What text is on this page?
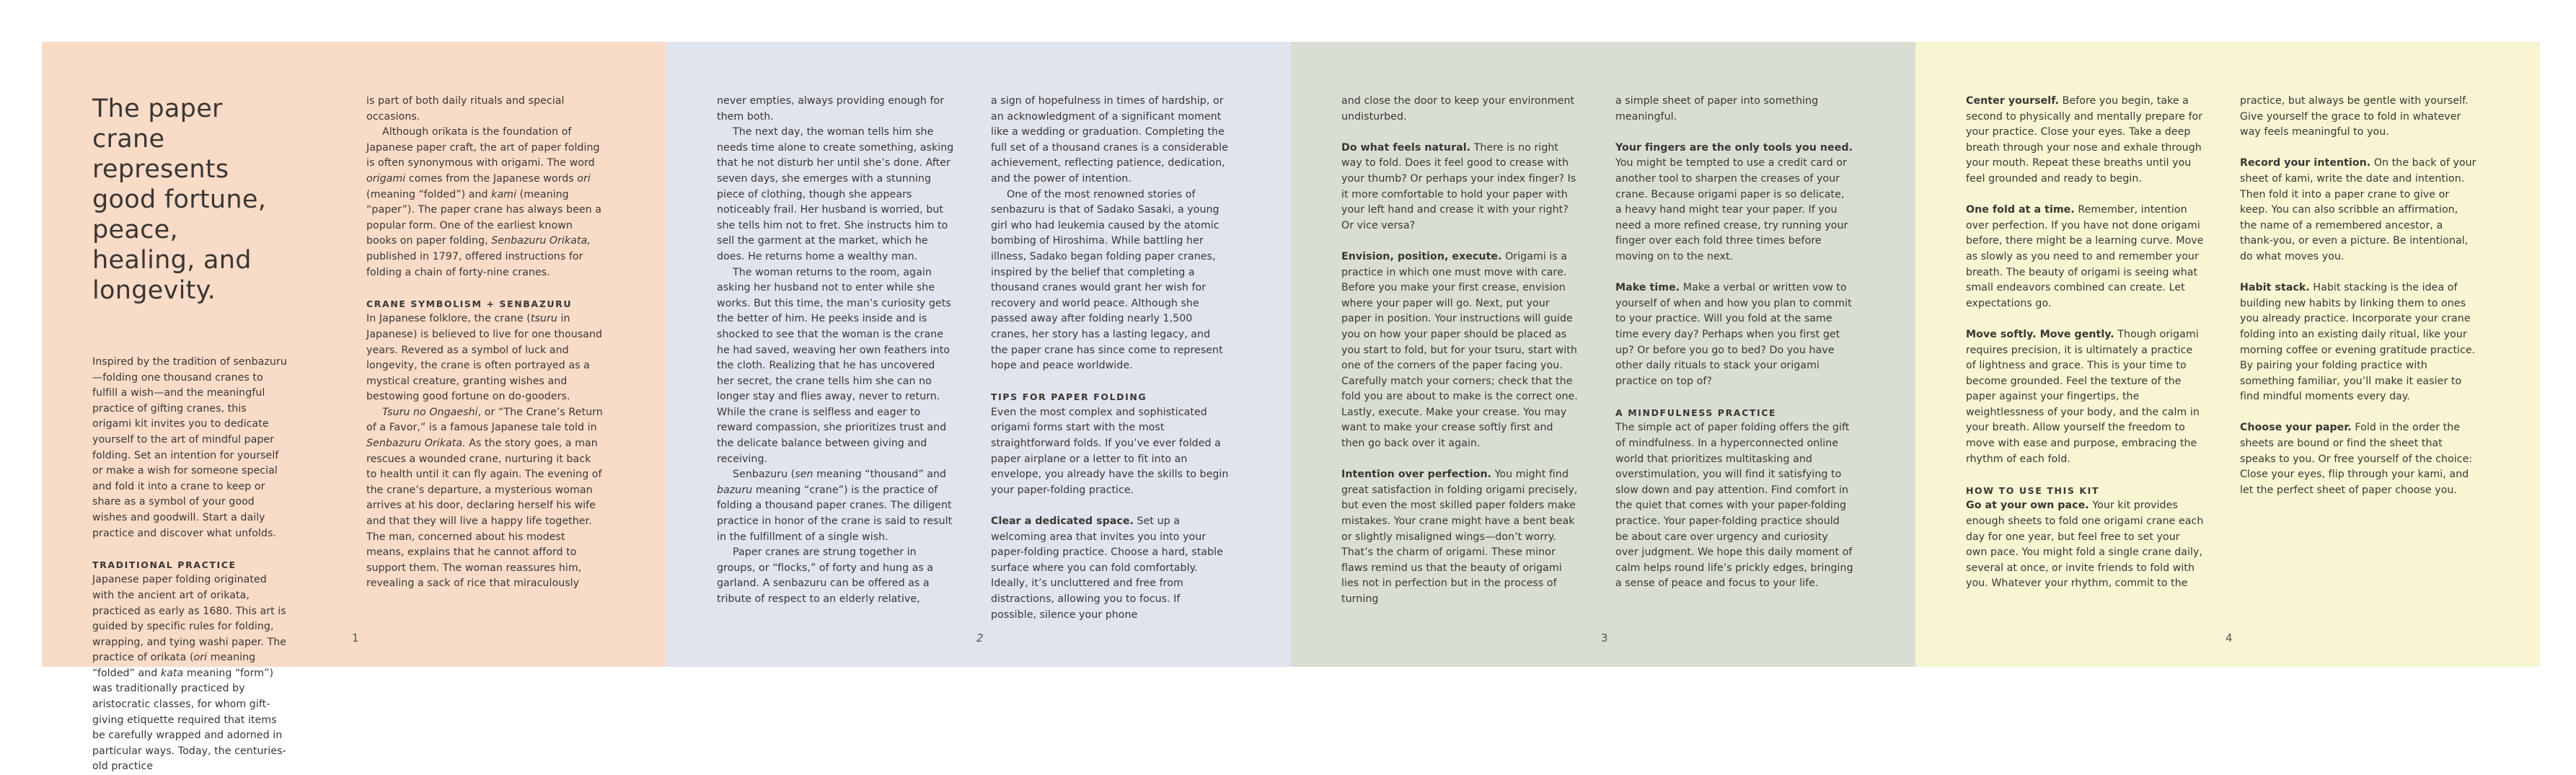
The paper crane represents good fortune, peace, healing, and longevity.

Inspired by the tradition of senbazuru—folding one thousand cranes to fulfill a wish—and the meaningful practice of gifting cranes, this origami kit invites you to dedicate yourself to the art of mindful paper folding. Set an intention for yourself or make a wish for someone special and fold it into a crane to keep or share as a symbol of your good wishes and goodwill. Start a daily practice and discover what unfolds.

TRADITIONAL PRACTICE

Japanese paper folding originated with the ancient art of orikata, practiced as early as 1680. This art is guided by specific rules for folding, wrapping, and tying washi paper. The practice of orikata (ori meaning “folded” and kata meaning “form”) was traditionally practiced by aristocratic classes, for whom gift-giving etiquette required that items be carefully wrapped and adorned in particular ways. Today, the centuries-old practice

is part of both daily rituals and special occasions.

Although orikata is the foundation of Japanese paper craft, the art of paper folding is often synonymous with origami. The word origami comes from the Japanese words ori (meaning “folded”) and kami (meaning “paper”). The paper crane has always been a popular form. One of the earliest known books on paper folding, Senbazuru Orikata, published in 1797, offered instructions for folding a chain of forty-nine cranes.

CRANE SYMBOLISM + SENBAZURU

In Japanese folklore, the crane (tsuru in Japanese) is believed to live for one thousand years. Revered as a symbol of luck and longevity, the crane is often portrayed as a mystical creature, granting wishes and bestowing good fortune on do-gooders.

Tsuru no Ongaeshi, or “The Crane’s Return of a Favor,” is a famous Japanese tale told in Senbazuru Orikata. As the story goes, a man rescues a wounded crane, nurturing it back to health until it can fly again. The evening of the crane’s departure, a mysterious woman arrives at his door, declaring herself his wife and that they will live a happy life together. The man, concerned about his modest means, explains that he cannot afford to support them. The woman reassures him, revealing a sack of rice that miraculously

1

never empties, always providing enough for them both.

The next day, the woman tells him she needs time alone to create something, asking that he not disturb her until she’s done. After seven days, she emerges with a stunning piece of clothing, though she appears noticeably frail. Her husband is worried, but she tells him not to fret. She instructs him to sell the garment at the market, which he does. He returns home a wealthy man.

The woman returns to the room, again asking her husband not to enter while she works. But this time, the man’s curiosity gets the better of him. He peeks inside and is shocked to see that the woman is the crane he had saved, weaving her own feathers into the cloth. Realizing that he has uncovered her secret, the crane tells him she can no longer stay and flies away, never to return. While the crane is selfless and eager to reward compassion, she prioritizes trust and the delicate balance between giving and receiving.

Senbazuru (sen meaning “thousand” and bazuru meaning “crane”) is the practice of folding a thousand paper cranes. The diligent practice in honor of the crane is said to result in the fulfillment of a single wish.

Paper cranes are strung together in groups, or “flocks,” of forty and hung as a garland. A senbazuru can be offered as a tribute of respect to an elderly relative,

a sign of hopefulness in times of hardship, or an acknowledgment of a significant moment like a wedding or graduation. Completing the full set of a thousand cranes is a considerable achievement, reflecting patience, dedication, and the power of intention.

One of the most renowned stories of senbazuru is that of Sadako Sasaki, a young girl who had leukemia caused by the atomic bombing of Hiroshima. While battling her illness, Sadako began folding paper cranes, inspired by the belief that completing a thousand cranes would grant her wish for recovery and world peace. Although she passed away after folding nearly 1,500 cranes, her story has a lasting legacy, and the paper crane has since come to represent hope and peace worldwide.

TIPS FOR PAPER FOLDING

Even the most complex and sophisticated origami forms start with the most straightforward folds. If you’ve ever folded a paper airplane or a letter to fit into an envelope, you already have the skills to begin your paper-folding practice.

Clear a dedicated space. Set up a welcoming area that invites you into your paper-folding practice. Choose a hard, stable surface where you can fold comfortably. Ideally, it’s uncluttered and free from distractions, allowing you to focus. If possible, silence your phone

2

and close the door to keep your environment undisturbed.

Do what feels natural. There is no right way to fold. Does it feel good to crease with your thumb? Or perhaps your index finger? Is it more comfortable to hold your paper with your left hand and crease it with your right? Or vice versa?

Envision, position, execute. Origami is a practice in which one must move with care. Before you make your first crease, envision where your paper will go. Next, put your paper in position. Your instructions will guide you on how your paper should be placed as you start to fold, but for your tsuru, start with one of the corners of the paper facing you. Carefully match your corners; check that the fold you are about to make is the correct one. Lastly, execute. Make your crease. You may want to make your crease softly first and then go back over it again.

Intention over perfection. You might find great satisfaction in folding origami precisely, but even the most skilled paper folders make mistakes. Your crane might have a bent beak or slightly misaligned wings—don’t worry. That’s the charm of origami. These minor flaws remind us that the beauty of origami lies not in perfection but in the process of turning

a simple sheet of paper into something meaningful.

Your fingers are the only tools you need. You might be tempted to use a credit card or another tool to sharpen the creases of your crane. Because origami paper is so delicate, a heavy hand might tear your paper. If you need a more refined crease, try running your finger over each fold three times before moving on to the next.

Make time. Make a verbal or written vow to yourself of when and how you plan to commit to your practice. Will you fold at the same time every day? Perhaps when you first get up? Or before you go to bed? Do you have other daily rituals to stack your origami practice on top of?

A MINDFULNESS PRACTICE

The simple act of paper folding offers the gift of mindfulness. In a hyperconnected online world that prioritizes multitasking and overstimulation, you will find it satisfying to slow down and pay attention. Find comfort in the quiet that comes with your paper-folding practice. Your paper-folding practice should be about care over urgency and curiosity over judgment. We hope this daily moment of calm helps round life’s prickly edges, bringing a sense of peace and focus to your life.

3

Center yourself. Before you begin, take a second to physically and mentally prepare for your practice. Close your eyes. Take a deep breath through your nose and exhale through your mouth. Repeat these breaths until you feel grounded and ready to begin.

One fold at a time. Remember, intention over perfection. If you have not done origami before, there might be a learning curve. Move as slowly as you need to and remember your breath. The beauty of origami is seeing what small endeavors combined can create. Let expectations go.

Move softly. Move gently. Though origami requires precision, it is ultimately a practice of lightness and grace. This is your time to become grounded. Feel the texture of the paper against your fingertips, the weightlessness of your body, and the calm in your breath. Allow yourself the freedom to move with ease and purpose, embracing the rhythm of each fold.

HOW TO USE THIS KIT

Go at your own pace. Your kit provides enough sheets to fold one origami crane each day for one year, but feel free to set your own pace. You might fold a single crane daily, several at once, or invite friends to fold with you. Whatever your rhythm, commit to the

practice, but always be gentle with yourself. Give yourself the grace to fold in whatever way feels meaningful to you.

Record your intention. On the back of your sheet of kami, write the date and intention. Then fold it into a paper crane to give or keep. You can also scribble an affirmation, the name of a remembered ancestor, a thank-you, or even a picture. Be intentional, do what moves you.

Habit stack. Habit stacking is the idea of building new habits by linking them to ones you already practice. Incorporate your crane folding into an existing daily ritual, like your morning coffee or evening gratitude practice. By pairing your folding practice with something familiar, you’ll make it easier to find mindful moments every day.

Choose your paper. Fold in the order the sheets are bound or find the sheet that speaks to you. Or free yourself of the choice: Close your eyes, flip through your kami, and let the perfect sheet of paper choose you.

4
